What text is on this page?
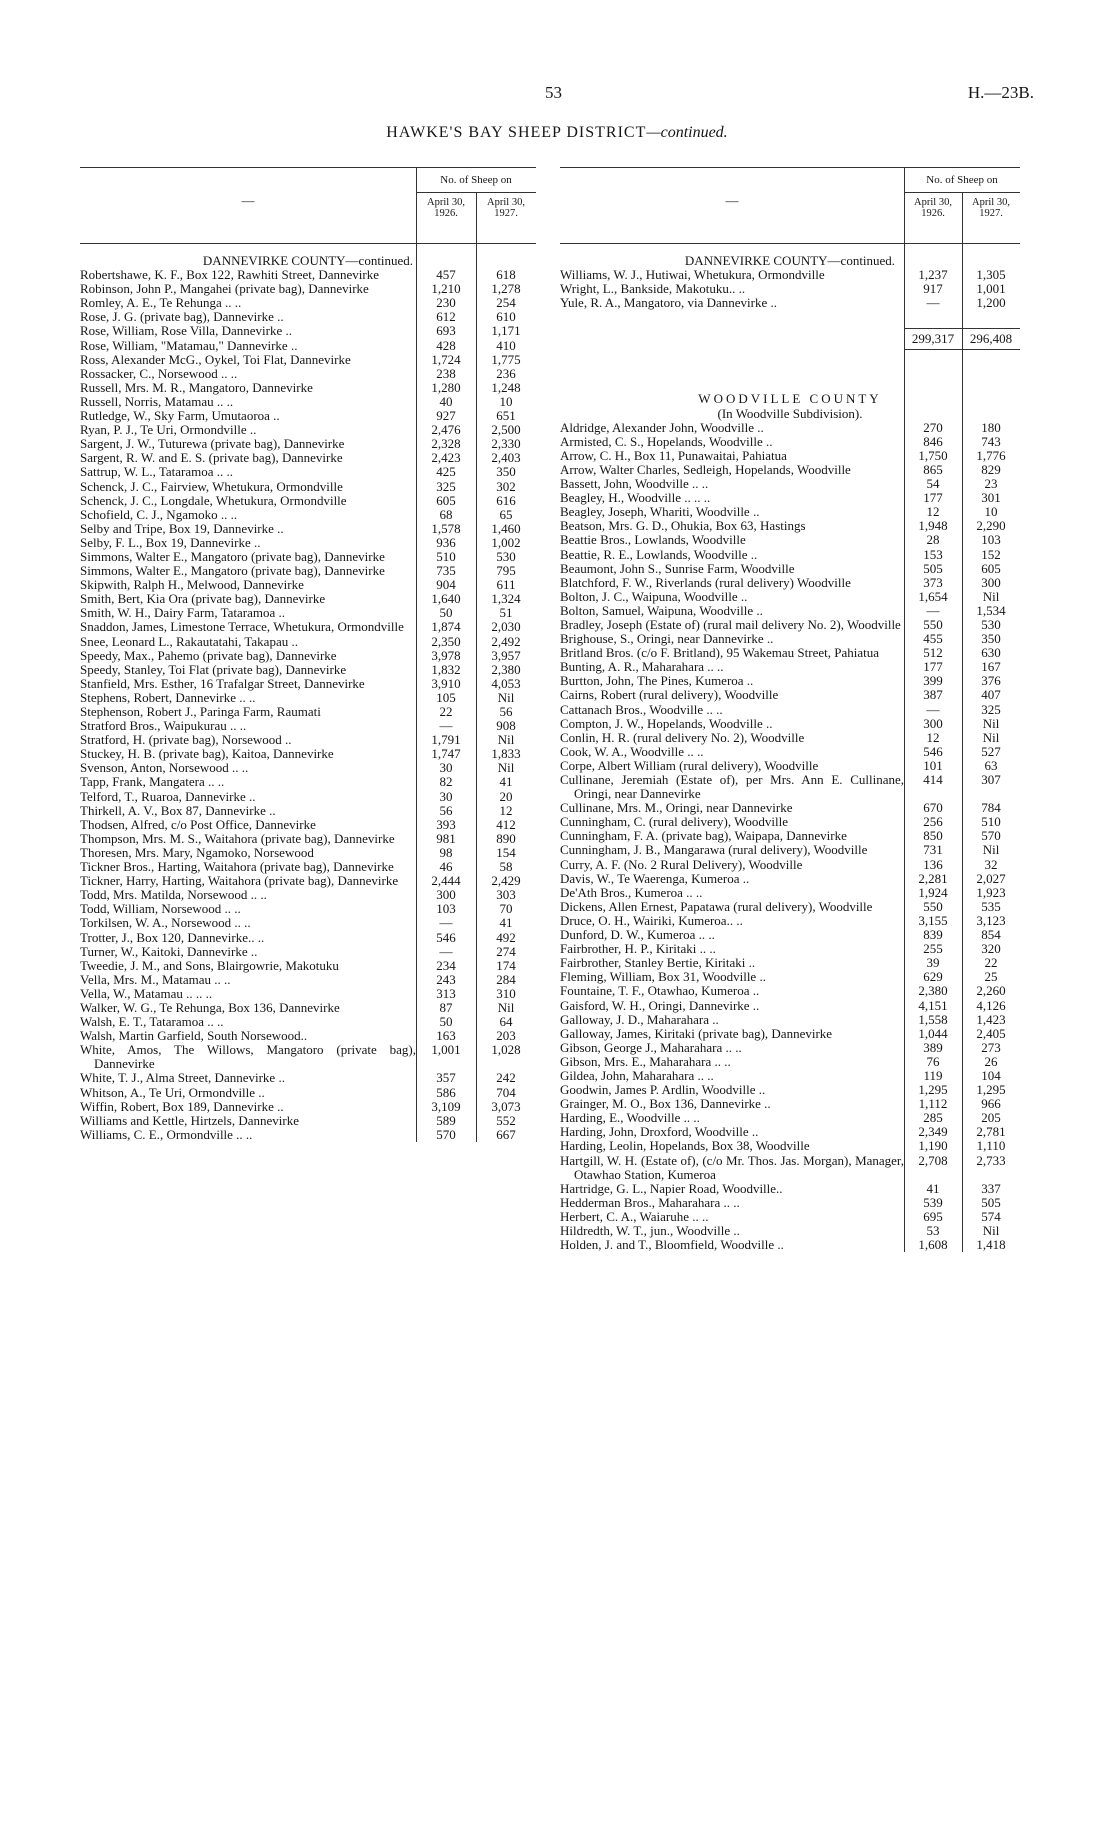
53	H.—23B.
HAWKE'S BAY SHEEP DISTRICT—continued.
—
No. of Sheep on
April 30, 1926.
April 30, 1927.
DANNEVIRKE COUNTY—continued.
Robertshawe, K. F., Box 122, Rawhiti Street, Dannevirke	457	618
Robinson, John P., Mangahei (private bag), Dannevirke	1,210	1,278
Romley, A. E., Te Rehunga .. ..	230	254
Rose, J. G. (private bag), Dannevirke ..	612	610
Rose, William, Rose Villa, Dannevirke ..	693	1,171
Rose, William, "Matamau," Dannevirke ..	428	410
Ross, Alexander McG., Oykel, Toi Flat, Dannevirke	1,724	1,775
Rossacker, C., Norsewood .. ..	238	236
Russell, Mrs. M. R., Mangatoro, Dannevirke	1,280	1,248
Russell, Norris, Matamau .. ..	40	10
Rutledge, W., Sky Farm, Umutaoroa ..	927	651
Ryan, P. J., Te Uri, Ormondville ..	2,476	2,500
Sargent, J. W., Tuturewa (private bag), Dannevirke	2,328	2,330
Sargent, R. W. and E. S. (private bag), Dannevirke	2,423	2,403
Sattrup, W. L., Tataramoa .. ..	425	350
Schenck, J. C., Fairview, Whetukura, Ormondville	325	302
Schenck, J. C., Longdale, Whetukura, Ormondville	605	616
Schofield, C. J., Ngamoko .. ..	68	65
Selby and Tripe, Box 19, Dannevirke ..	1,578	1,460
Selby, F. L., Box 19, Dannevirke ..	936	1,002
Simmons, Walter E., Mangatoro (private bag), Dannevirke	510	530
Simmons, Walter E., Mangatoro (private bag), Dannevirke	735	795
Skipwith, Ralph H., Melwood, Dannevirke	904	611
Smith, Bert, Kia Ora (private bag), Dannevirke	1,640	1,324
Smith, W. H., Dairy Farm, Tataramoa ..	50	51
Snaddon, James, Limestone Terrace, Whetukura, Ormondville	1,874	2,030
Snee, Leonard L., Rakautatahi, Takapau ..	2,350	2,492
Speedy, Max., Pahemo (private bag), Dannevirke	3,978	3,957
Speedy, Stanley, Toi Flat (private bag), Dannevirke	1,832	2,380
Stanfield, Mrs. Esther, 16 Trafalgar Street, Dannevirke	3,910	4,053
Stephens, Robert, Dannevirke .. ..	105	Nil
Stephenson, Robert J., Paringa Farm, Raumati	22	56
Stratford Bros., Waipukurau .. ..	—	908
Stratford, H. (private bag), Norsewood ..	1,791	Nil
Stuckey, H. B. (private bag), Kaitoa, Dannevirke	1,747	1,833
Svenson, Anton, Norsewood .. ..	30	Nil
Tapp, Frank, Mangatera .. ..	82	41
Telford, T., Ruaroa, Dannevirke ..	30	20
Thirkell, A. V., Box 87, Dannevirke ..	56	12
Thodsen, Alfred, c/o Post Office, Dannevirke	393	412
Thompson, Mrs. M. S., Waitahora (private bag), Dannevirke	981	890
Thoresen, Mrs. Mary, Ngamoko, Norsewood	98	154
Tickner Bros., Harting, Waitahora (private bag), Dannevirke	46	58
Tickner, Harry, Harting, Waitahora (private bag), Dannevirke	2,444	2,429
Todd, Mrs. Matilda, Norsewood .. ..	300	303
Todd, William, Norsewood .. ..	103	70
Torkilsen, W. A., Norsewood .. ..	—	41
Trotter, J., Box 120, Dannevirke.. ..	546	492
Turner, W., Kaitoki, Dannevirke ..	—	274
Tweedie, J. M., and Sons, Blairgowrie, Makotuku	234	174
Vella, Mrs. M., Matamau .. ..	243	284
Vella, W., Matamau .. .. ..	313	310
Walker, W. G., Te Rehunga, Box 136, Dannevirke	87	Nil
Walsh, E. T., Tataramoa .. ..	50	64
Walsh, Martin Garfield, South Norsewood..	163	203
White, Amos, The Willows, Mangatoro (private bag), Dannevirke
1,001	1,028
White, T. J., Alma Street, Dannevirke ..	357	242
Whitson, A., Te Uri, Ormondville ..	586	704
Wiffin, Robert, Box 189, Dannevirke ..	3,109	3,073
Williams and Kettle, Hirtzels, Dannevirke	589	552
Williams, C. E., Ormondville .. ..	570	667
—
No. of Sheep on
April 30, 1926.
April 30, 1927.
DANNEVIRKE COUNTY—continued.
Williams, W. J., Hutiwai, Whetukura, Ormondville	1,237	1,305
Wright, L., Bankside, Makotuku.. ..	917	1,001
Yule, R. A., Mangatoro, via Dannevirke ..	—	1,200
299,317	296,408
WOODVILLE COUNTY
(In Woodville Subdivision).
Aldridge, Alexander John, Woodville ..	270	180
Armisted, C. S., Hopelands, Woodville ..	846	743
Arrow, C. H., Box 11, Punawaitai, Pahiatua	1,750	1,776
Arrow, Walter Charles, Sedleigh, Hopelands, Woodville	865	829
Bassett, John, Woodville .. ..	54	23
Beagley, H., Woodville .. .. ..	177	301
Beagley, Joseph, Whariti, Woodville ..	12	10
Beatson, Mrs. G. D., Ohukia, Box 63, Hastings	1,948	2,290
Beattie Bros., Lowlands, Woodville	28	103
Beattie, R. E., Lowlands, Woodville ..	153	152
Beaumont, John S., Sunrise Farm, Woodville	505	605
Blatchford, F. W., Riverlands (rural delivery) Woodville	373	300
Bolton, J. C., Waipuna, Woodville ..	1,654	Nil
Bolton, Samuel, Waipuna, Woodville ..	—	1,534
Bradley, Joseph (Estate of) (rural mail delivery No. 2), Woodville	550	530
Brighouse, S., Oringi, near Dannevirke ..	455	350
Britland Bros. (c/o F. Britland), 95 Wakemau Street, Pahiatua	512	630
Bunting, A. R., Maharahara .. ..	177	167
Burtton, John, The Pines, Kumeroa ..	399	376
Cairns, Robert (rural delivery), Woodville	387	407
Cattanach Bros., Woodville .. ..	—	325
Compton, J. W., Hopelands, Woodville ..	300	Nil
Conlin, H. R. (rural delivery No. 2), Woodville	12	Nil
Cook, W. A., Woodville .. ..	546	527
Corpe, Albert William (rural delivery), Woodville	101	63
Cullinane, Jeremiah (Estate of), per Mrs. Ann E. Cullinane, Oringi, near Dannevirke
414	307
Cullinane, Mrs. M., Oringi, near Dannevirke	670	784
Cunningham, C. (rural delivery), Woodville	256	510
Cunningham, F. A. (private bag), Waipapa, Dannevirke	850	570
Cunningham, J. B., Mangarawa (rural delivery), Woodville	731	Nil
Curry, A. F. (No. 2 Rural Delivery), Woodville	136	32
Davis, W., Te Waerenga, Kumeroa ..	2,281	2,027
De'Ath Bros., Kumeroa .. ..	1,924	1,923
Dickens, Allen Ernest, Papatawa (rural delivery), Woodville	550	535
Druce, O. H., Wairiki, Kumeroa.. ..	3,155	3,123
Dunford, D. W., Kumeroa .. ..	839	854
Fairbrother, H. P., Kiritaki .. ..	255	320
Fairbrother, Stanley Bertie, Kiritaki ..	39	22
Fleming, William, Box 31, Woodville ..	629	25
Fountaine, T. F., Otawhao, Kumeroa ..	2,380	2,260
Gaisford, W. H., Oringi, Dannevirke ..	4,151	4,126
Galloway, J. D., Maharahara ..	1,558	1,423
Galloway, James, Kiritaki (private bag), Dannevirke	1,044	2,405
Gibson, George J., Maharahara .. ..	389	273
Gibson, Mrs. E., Maharahara .. ..	76	26
Gildea, John, Maharahara .. ..	119	104
Goodwin, James P. Ardlin, Woodville ..	1,295	1,295
Grainger, M. O., Box 136, Dannevirke ..	1,112	966
Harding, E., Woodville .. ..	285	205
Harding, John, Droxford, Woodville ..	2,349	2,781
Harding, Leolin, Hopelands, Box 38, Woodville	1,190	1,110
Hartgill, W. H. (Estate of), (c/o Mr. Thos. Jas. Morgan), Manager, Otawhao Station, Kumeroa
2,708	2,733
Hartridge, G. L., Napier Road, Woodville..	41	337
Hedderman Bros., Maharahara .. ..	539	505
Herbert, C. A., Waiaruhe .. ..	695	574
Hildredth, W. T., jun., Woodville ..	53	Nil
Holden, J. and T., Bloomfield, Woodville ..	1,608	1,418
